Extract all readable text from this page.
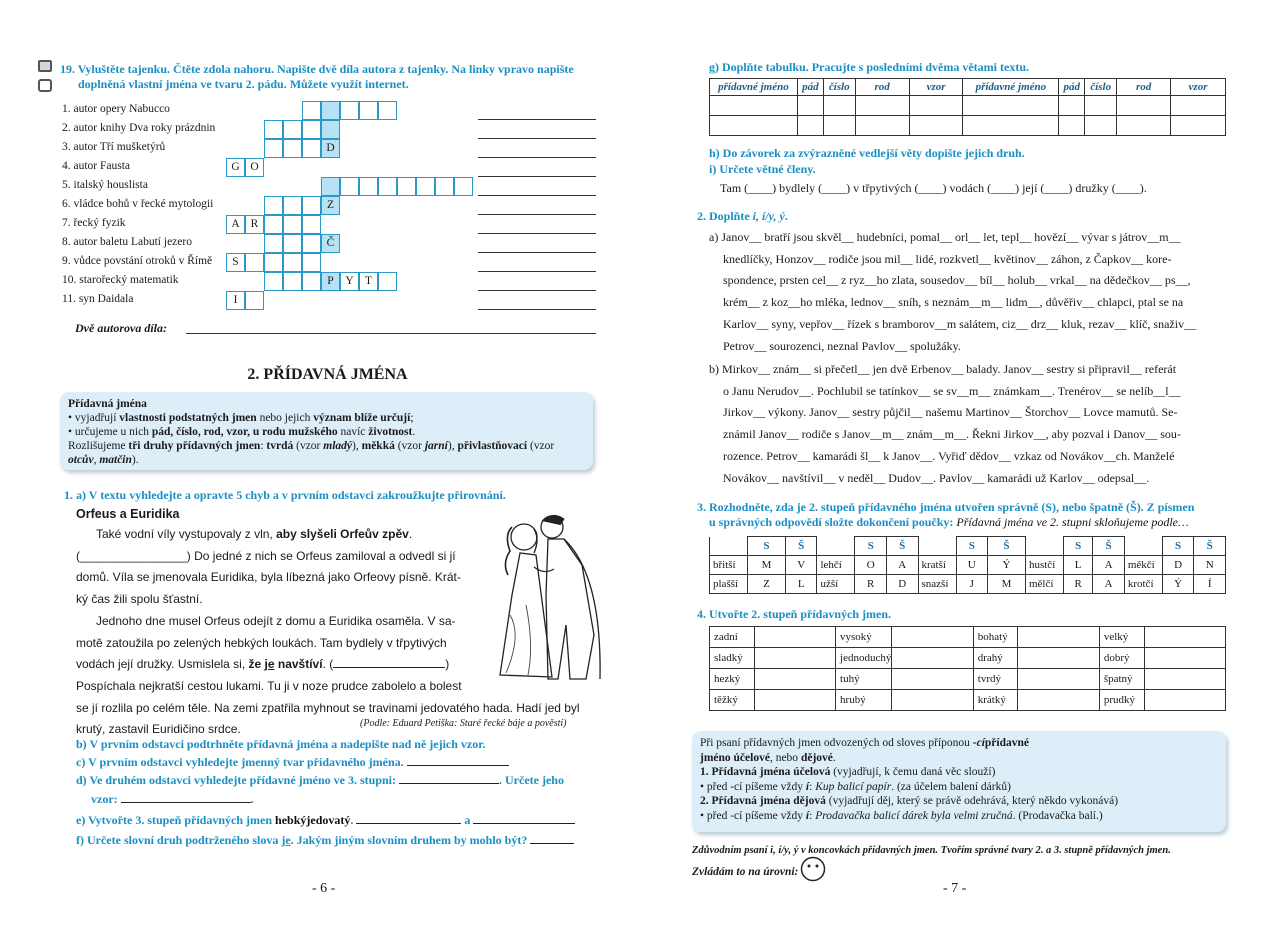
19. Vyluštěte tajenku. Čtěte zdola nahoru. Napište dvě díla autora z tajenky. Na linky vpravo napište
doplněná vlastní jména ve tvaru 2. pádu. Můžete využít internet.
1. autor opery Nabucco
2. autor knihy Dva roky prázdnin
3. autor Tří mušketýrů	D
4. autor Fausta	G O
5. italský houslista
6. vládce bohů v řecké mytologii	Z
7. řecký fyzik	A R
8. autor baletu Labutí jezero	Č
9. vůdce povstání otroků v Římě	S
10. starořecký matematik	P	Y T
11. syn Daidala	I
Dvě autorova díla:
2. PŘÍDAVNÁ JMÉNA
Přídavná jména
• vyjadřují vlastnosti podstatných jmen nebo jejich význam blíže určují;
• určujeme u nich pád, číslo, rod, vzor, u rodu mužského navíc životnost.
Rozlišujeme tři druhy přídavných jmen: tvrdá (vzor mladý), měkká (vzor jarní), přivlastňovací (vzor
otcův, matčin).
1. a) V textu vyhledejte a opravte 5 chyb a v prvním odstavci zakroužkujte přirovnání.
Orfeus a Euridika
Také vodní víly vystupovaly z vln, aby slyšeli Orfeův zpěv.
(________________) Do jedné z nich se Orfeus zamiloval a odvedl si jí
domů. Víla se jmenovala Euridika, byla líbezná jako Orfeovy písně. Krát-
ký čas žili spolu šťastní.
Jednoho dne musel Orfeus odejít z domu a Euridika osaměla. V sa-
motě zatoužila po zelených hebkých loukách. Tam bydlely v třpytivých
vodách její družky. Usmislela si, že je navštíví. (	)
Pospíchala nejkratší cestou lukami. Tu ji v noze prudce zabolelo a bolest
se jí rozlila po celém těle. Na zemi zpatřila myhnout se travinami jedovatého hada. Hadí jed byl
krutý, zastavil Euridičino srdce.	(Podle: Eduard Petiška: Staré řecké báje a pověsti)
b) V prvním odstavci podtrhněte přídavná jména a nadepište nad ně jejich vzor.
c) V prvním odstavci vyhledejte jmenný tvar přídavného jména.
d) Ve druhém odstavci vyhledejte přídavné jméno ve 3. stupni:	. Určete jeho
vzor:	.
e) Vytvořte 3. stupeň přídavných jmen hebkýjedovatý.	a
f) Určete slovní druh podtrženého slova je. Jakým jiným slovním druhem by mohlo být?
- 6 -
g) Doplňte tabulku. Pracujte s posledními dvěma větami textu.
přídavné jméno	pád	číslo	rod	vzor	přídavné jméno	pád	číslo	rod	vzor

h) Do závorek za zvýrazněné vedlejší věty dopište jejich druh.
i) Určete větné členy.
Tam (____) bydlely (____) v třpytivých (____) vodách (____) její (____) družky (____).
2. Doplňte i, í/y, ý.
a) Janov__ bratří jsou skvěl__ hudebníci, pomal__ orl__ let, tepl__ hovězí__ vývar s játrov__m__
knedlíčky, Honzov__ rodiče jsou mil__ lidé, rozkvetl__ květinov__ záhon, z Čapkov__ kore-
spondence, prsten cel__ z ryz__ho zlata, sousedov__ bíl__ holub__ vrkal__ na dědečkov__ ps__,
krém__ z koz__ho mléka, lednov__ sníh, s neznám__m__ lidm__, důvěřiv__ chlapci, ptal se na
Karlov__ syny, vepřov__ řízek s bramborov__m salátem, ciz__ drz__ kluk, rezav__ klíč, snaživ__
Petrov__ sourozenci, neznal Pavlov__ spolužáky.
b) Mirkov__ znám__ si přečetl__ jen dvě Erbenov__ balady. Janov__ sestry si připravil__ referát
o Janu Nerudov__. Pochlubil se tatínkov__ se sv__m__ známkam__. Trenérov__ se nelíb__l__
Jirkov__ výkony. Janov__ sestry půjčil__ našemu Martinov__ Štorchov__ Lovce mamutů. Se-
známil Janov__ rodiče s Janov__m__ znám__m__. Řekni Jirkov__, aby pozval i Danov__ sou-
rozence. Petrov__ kamarádi šl__ k Janov__. Vyřiď dědov__ vzkaz od Novákov__ch. Manželé
Novákov__ navštívil__ v neděl__ Dudov__. Pavlov__ kamarádi už Karlov__ odepsal__.
3. Rozhodněte, zda je 2. stupeň přídavného jména utvořen správně (S), nebo špatně (Š). Z písmen
u správných odpovědí složte dokončení poučky: Přídavná jména ve 2. stupni skloňujeme podle…
	S	Š		S	Š		S	Š		S	Š		S	Š
břitší	M	V	lehčí	O	A	kratší	U	Ý	hustčí	L	A	měkčí	D	N
plašší	Z	L	užší	R	D	snazší	J	M	mělčí	R	A	krotčí	Ý	Í
4. Utvořte 2. stupeň přídavných jmen.
zadní		vysoký		bohatý		velký	
sladký		jednoduchý		drahý		dobrý	
hezký		tuhý		tvrdý		špatný	
těžký		hrubý		krátký		prudký	
Při psaní přídavných jmen odvozených od sloves příponou -cípřídavné
jméno účelové, nebo dějové.
1. Přídavná jména účelová (vyjadřují, k čemu daná věc slouží)
• před -cí píšeme vždy í: Kup balicí papír. (za účelem balení dárků)
2. Přídavná jména dějová (vyjadřují děj, který se právě odehrává, který někdo vykonává)
• před -cí píšeme vždy í: Prodavačka balicí dárek byla velmi zručná. (Prodavačka balí.)
Zdůvodním psaní i, í/y, ý v koncovkách přídavných jmen. Tvořím správné tvary 2. a 3. stupně přídavných jmen.
Zvládám to na úrovni:
- 7 -
